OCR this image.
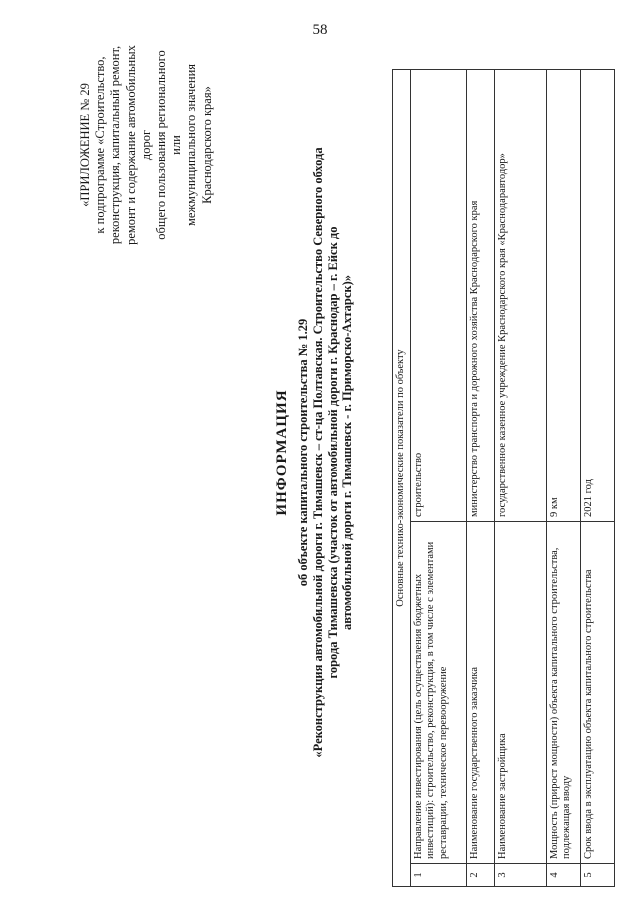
58
«ПРИЛОЖЕНИЕ № 29 к подпрограмме «Строительство, реконструкция, капитальный ремонт, ремонт и содержание автомобильных дорог общего пользования регионального или межмуниципального значения Краснодарского края»
ИНФОРМАЦИЯ об объекте капитального строительства № 1.29 «Реконструкция автомобильной дороги г. Тимашевск – ст-ца Полтавская. Строительство Северного обхода города Тимашевска (участок от автомобильной дороги г. Краснодар – г. Ейск до автомобильной дороги г. Тимашевск - г. Приморско-Ахтарск)»	Основные технико-экономические показатели по объекту		
1	Направление инвестирования (цель осуществления бюджетных инвестиций): строительство, реконструкция, в том числе с элементами реставрации, техническое перевооружение	строительство
2	Наименование государственного заказчика	министерство транспорта и дорожного хозяйства Краснодарского края
3	Наименование застройщика	государственное казенное учреждение Краснодарского края «Краснодаравтодор»
4	Мощность (прирост мощности) объекта капитального строительства, подлежащая вводу	9 км
5	Срок ввода в эксплуатацию объекта капитального строительства	2021 год
